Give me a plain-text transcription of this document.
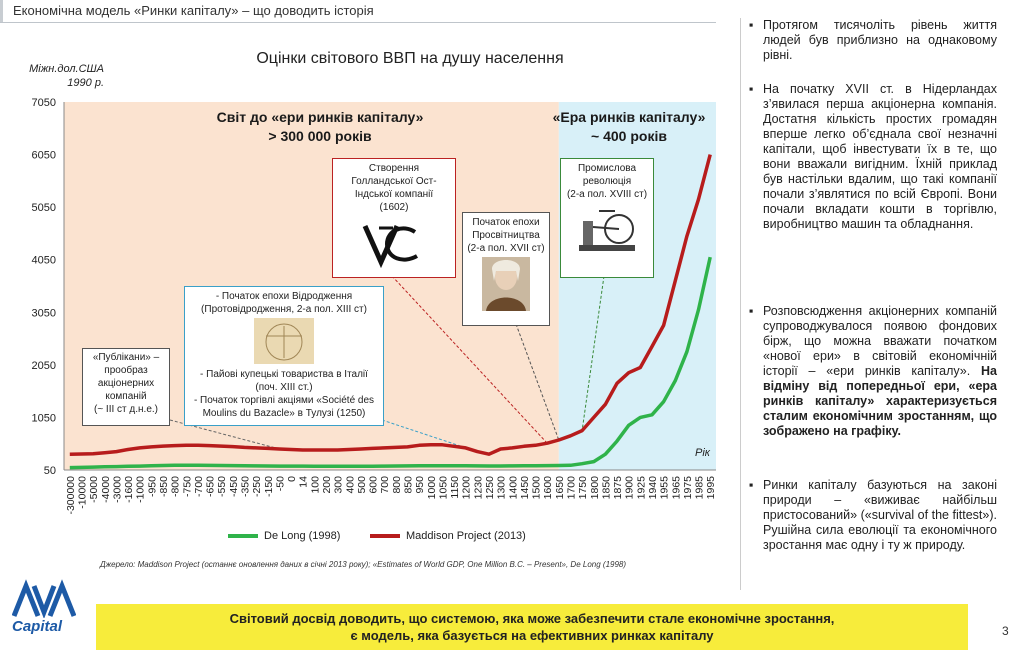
Економічна модель «Ринки капіталу» – що доводить історія
50
1050
2050
3050
4050
5050
6050
7050
-300000 -10000 -5000 -4000 -3000 -1600 -1000 -950 -850 -800 -750 -700 -650 -550 -450 -350 -250 -150 -50 0 14 100 200 300 400 500 600 700 800 850 950 1000 1050 1150 1200 1230 1250 1300 1400 1450 1500 1600 1650 1700 1750 1800 1850 1875 1900 1925 1940 1955 1965 1975 1985 1995
Рік
Оцінки світового ВВП на душу населення
Міжн.дол.США 1990 р.
Світ до «ери ринків капіталу»
> 300 000 років
«Ера ринків капіталу»
~ 400 років
Створення
Голландської Ост-
Індської компанії
(1602)
Початок епохи
Просвітництва
(2-а пол. XVII ст)
Промислова
революція
(2-а пол. XVIII ст)
- Початок епохи Відродження
(Протовідродження, 2-а пол. XIII ст)
- Пайові купецькі товариства в Італії
(поч. XIII ст.)
- Початок торгівлі акціями «Société des
Moulins du Bazacle» в Тулузі (1250)
«Публікани» –
прообраз
акціонерних
компаній
(~ III ст д.н.е.)
De Long (1998)	Maddison Project (2013)
Джерело: Maddison Project (останнє оновлення даних в січні 2013 року); «Estimates of World GDP, One Million B.C. – Present», De Long (1998)
▪ Протягом тисячоліть рівень життя людей був приблизно на однаковому рівні.
▪ На початку XVII ст. в Нідерландах з’явилася перша акціонерна компанія. Достатня кількість простих громадян вперше легко об’єднала свої незначні капітали, щоб інвестувати їх в те, що вони вважали вигідним. Їхній приклад був настільки вдалим, що такі компанії почали з’являтися по всій Європі. Вони почали вкладати кошти в торгівлю, виробництво машин та обладнання.
▪ Розповсюдження акціонерних компаній супроводжувалося появою фондових бірж, що можна вважати початком «нової ери» в світовій економічній історії – «ери ринків капіталу». На відміну від попередньої ери, «ера ринків капіталу» характеризується сталим економічним зростанням, що зображено на графіку.
▪ Ринки капіталу базуються на законі природи – «виживає найбільш пристосований» («survival of the fittest»). Рушійна сила еволюції та економічного зростання має одну і ту ж природу.
Capital	Світовий досвід доводить, що системою, яка може забезпечити стале економічне зростання,
є модель, яка базується на ефективних ринках капіталу	3
